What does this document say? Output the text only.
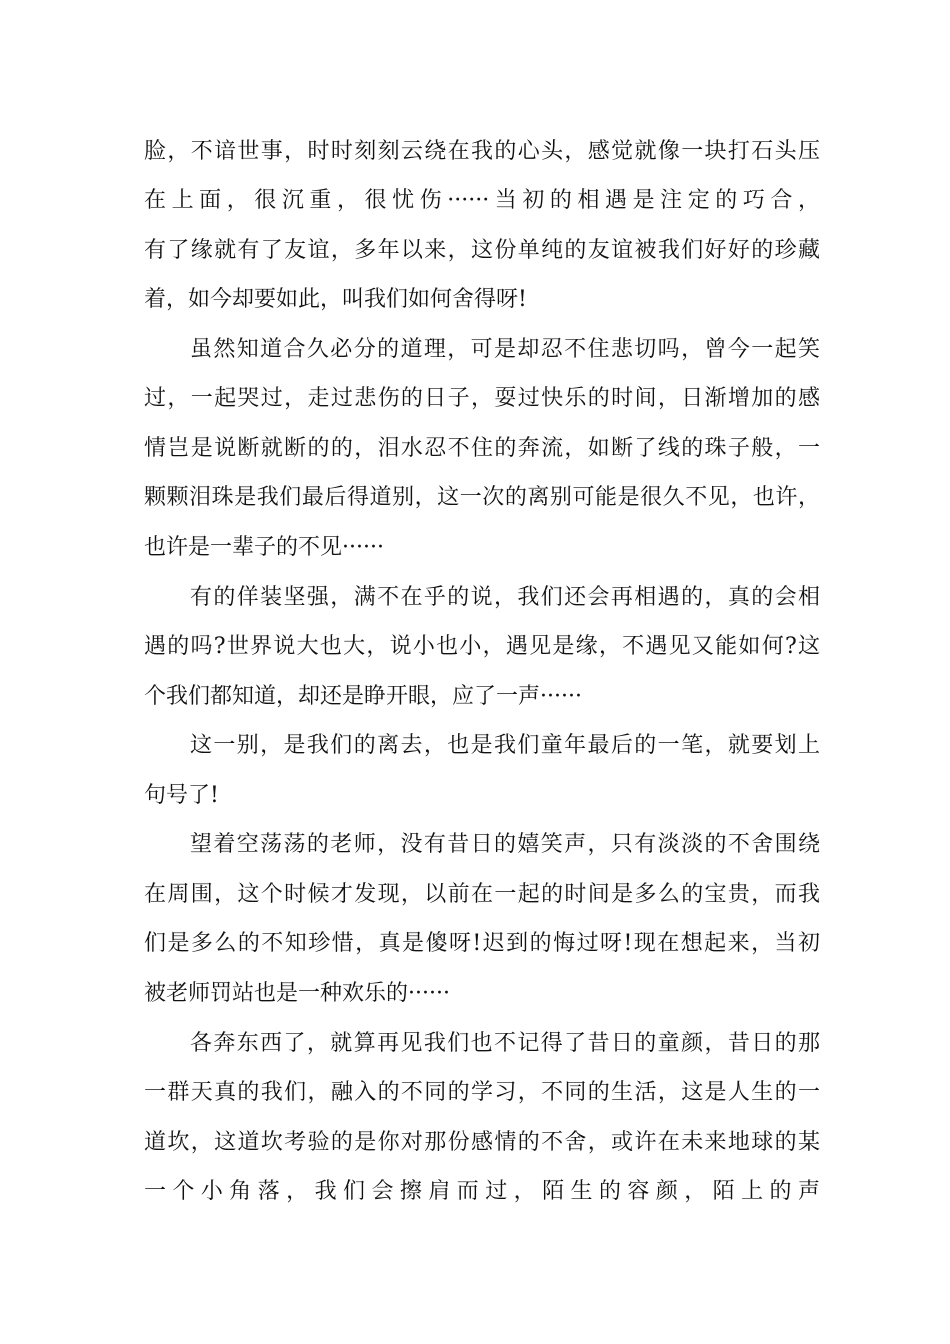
脸，不谙世事，时时刻刻云绕在我的心头，感觉就像一块打石头压
在上面，很沉重，很忧伤······当初的相遇是注定的巧合，
有了缘就有了友谊，多年以来，这份单纯的友谊被我们好好的珍藏
着，如今却要如此，叫我们如何舍得呀!
虽然知道合久必分的道理，可是却忍不住悲切吗，曾今一起笑
过，一起哭过，走过悲伤的日子，耍过快乐的时间，日渐增加的感
情岂是说断就断的的，泪水忍不住的奔流，如断了线的珠子般，一
颗颗泪珠是我们最后得道别，这一次的离别可能是很久不见，也许，
也许是一辈子的不见······
有的佯装坚强，满不在乎的说，我们还会再相遇的，真的会相
遇的吗?世界说大也大，说小也小，遇见是缘，不遇见又能如何?这
个我们都知道，却还是睁开眼，应了一声······
这一别，是我们的离去，也是我们童年最后的一笔，就要划上
句号了!
望着空荡荡的老师，没有昔日的嬉笑声，只有淡淡的不舍围绕
在周围，这个时候才发现，以前在一起的时间是多么的宝贵，而我
们是多么的不知珍惜，真是傻呀!迟到的悔过呀!现在想起来，当初
被老师罚站也是一种欢乐的······
各奔东西了，就算再见我们也不记得了昔日的童颜，昔日的那
一群天真的我们，融入的不同的学习，不同的生活，这是人生的一
道坎，这道坎考验的是你对那份感情的不舍，或许在未来地球的某
一个小角落，我们会擦肩而过，陌生的容颜，陌上的声
